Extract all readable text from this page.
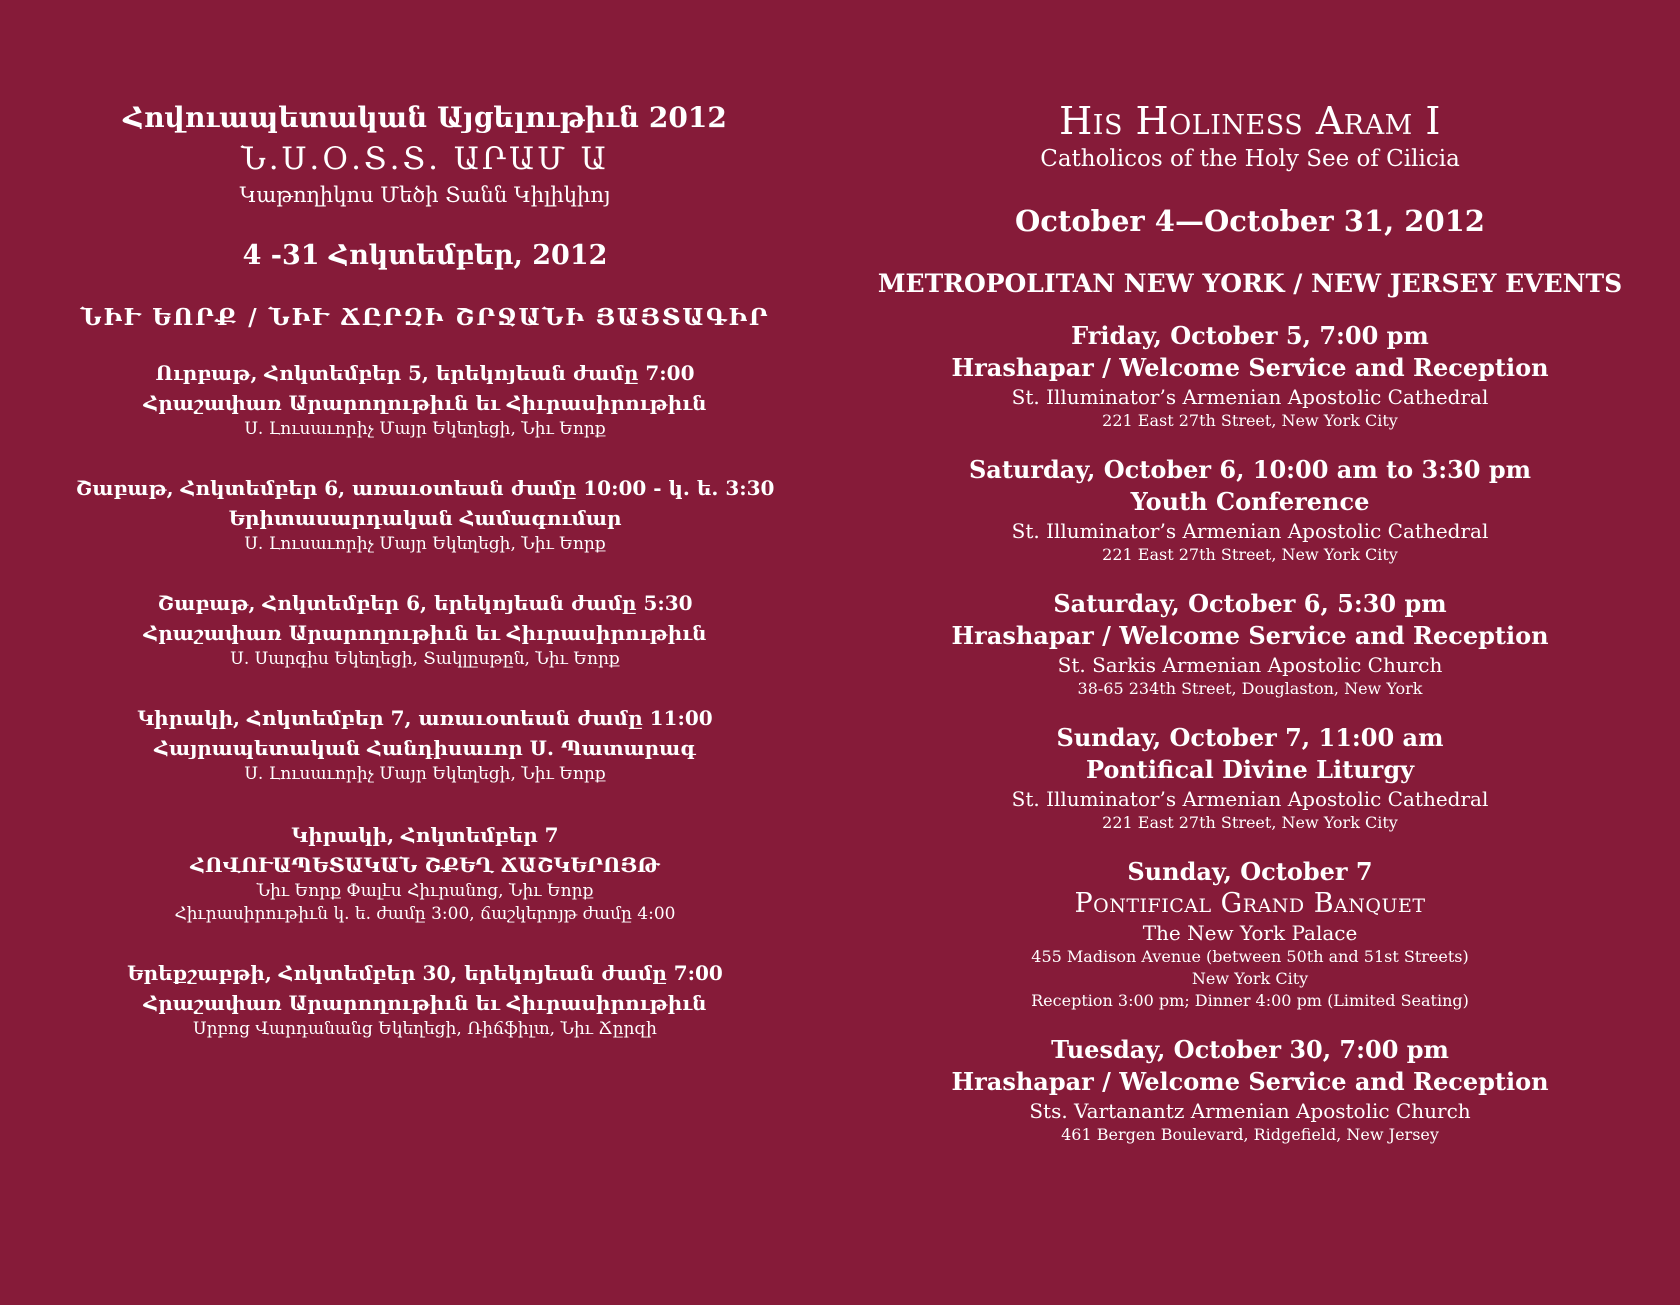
Հովուապետական Այցելութիւն 2012
Ն.Ս.Օ.Տ.Տ. ԱՐԱՄ Ա
Կաթողիկոս Մեծի Տանն Կիլիկիոյ
4 -31 Հոկտեմբեր, 2012
ՆԻՒ ԵՈՐՔ / ՆԻՒ ՃԸՐԶԻ ՇՐՋԱՆԻ ՅԱՅՏԱԳԻՐ
Ուրբաթ, Հոկտեմբեր 5, երեկոյեան ժամը 7:00
Հրաշափառ Արարողութիւն եւ Հիւրասիրութիւն
Ս. Լուսաւորիչ Մայր Եկեղեցի, Նիւ Եորք
Շաբաթ, Հոկտեմբեր 6, առաւօտեան ժամը 10:00 - կ. ե. 3:30
Երիտասարդական Համագումար
Ս. Լուսաւորիչ Մայր Եկեղեցի, Նիւ Եորք
Շաբաթ, Հոկտեմբեր 6, երեկոյեան ժամը 5:30
Հրաշափառ Արարողութիւն եւ Հիւրասիրութիւն
Ս. Սարգիս Եկեղեցի, Տակլըսթըն, Նիւ Եորք
Կիրակի, Հոկտեմբեր 7, առաւօտեան ժամը 11:00
Հայրապետական Հանդիսաւոր Ս. Պատարագ
Ս. Լուսաւորիչ Մայր Եկեղեցի, Նիւ Եորք
Կիրակի, Հոկտեմբեր 7
ՀՈՎՈՒԱՊԵՏԱԿԱՆ ՇՔԵՂ ՃԱՇԿԵՐՈՅԹ
Նիւ Եորք Փալէս Հիւրանոց, Նիւ Եորք
Հիւրասիրութիւն կ. ե. ժամը 3:00, ճաշկերոյթ ժամը 4:00
Երեքշաբթի, Հոկտեմբեր 30, երեկոյեան ժամը 7:00
Հրաշափառ Արարողութիւն եւ Հիւրասիրութիւն
Սրբոց Վարդանանց Եկեղեցի, Ռիճֆիլտ, Նիւ Ճըրզի
His Holiness Aram I
Catholicos of the Holy See of Cilicia
October 4—October 31, 2012
METROPOLITAN NEW YORK / NEW JERSEY EVENTS
Friday, October 5, 7:00 pm
Hrashapar / Welcome Service and Reception
St. Illuminator’s Armenian Apostolic Cathedral
221 East 27th Street, New York City
Saturday, October 6, 10:00 am to 3:30 pm
Youth Conference
St. Illuminator’s Armenian Apostolic Cathedral
221 East 27th Street, New York City
Saturday, October 6, 5:30 pm
Hrashapar / Welcome Service and Reception
St. Sarkis Armenian Apostolic Church
38-65 234th Street, Douglaston, New York
Sunday, October 7, 11:00 am
Pontifical Divine Liturgy
St. Illuminator’s Armenian Apostolic Cathedral
221 East 27th Street, New York City
Sunday, October 7
Pontifical Grand Banquet
The New York Palace
455 Madison Avenue (between 50th and 51st Streets)
New York City
Reception 3:00 pm; Dinner 4:00 pm (Limited Seating)
Tuesday, October 30, 7:00 pm
Hrashapar / Welcome Service and Reception
Sts. Vartanantz Armenian Apostolic Church
461 Bergen Boulevard, Ridgefield, New Jersey
